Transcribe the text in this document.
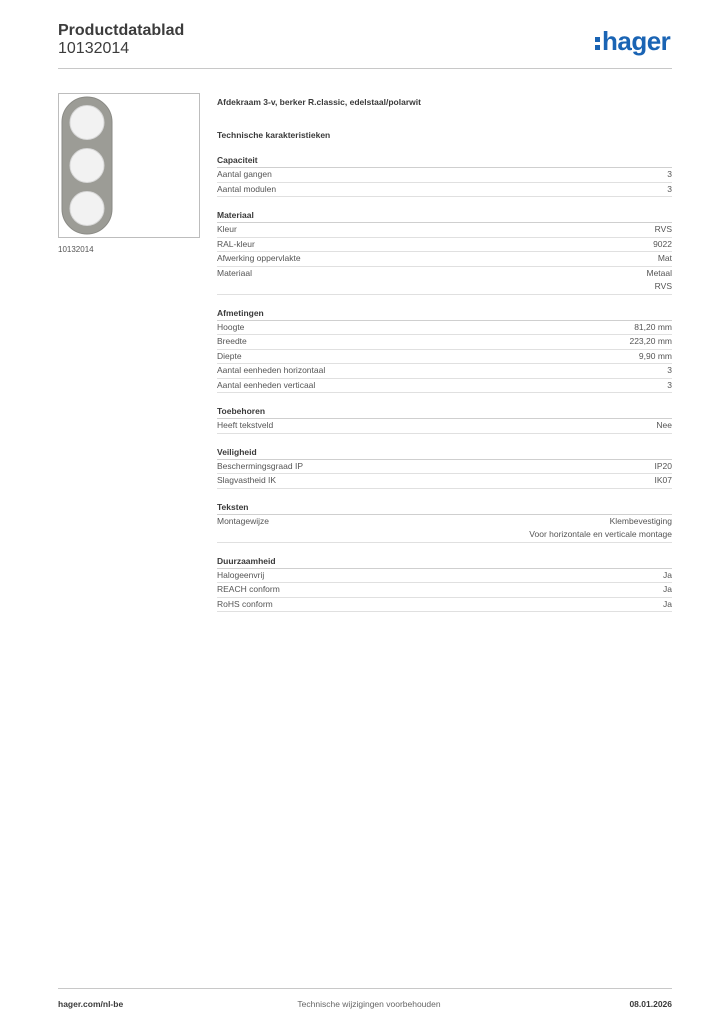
Productdatablad
10132014	hager
10132014
Afdekraam 3-v, berker R.classic, edelstaal/polarwit
Technische karakteristieken
Capaciteit
Aantal gangen	3
Aantal modulen	3
Materiaal
Kleur	RVS
RAL-kleur	9022
Afwerking oppervlakte	Mat
Materiaal	Metaal
RVS
Afmetingen
Hoogte	81,20 mm
Breedte	223,20 mm
Diepte	9,90 mm
Aantal eenheden horizontaal	3
Aantal eenheden verticaal	3
Toebehoren
Heeft tekstveld	Nee
Veiligheid
Beschermingsgraad IP	IP20
Slagvastheid IK	IK07
Teksten
Montagewijze	Klembevestiging
Voor horizontale en verticale montage
Duurzaamheid
Halogeenvrij	Ja
REACH conform	Ja
RoHS conform	Ja
hager.com/nl-be	Technische wijzigingen voorbehouden	08.01.2026
